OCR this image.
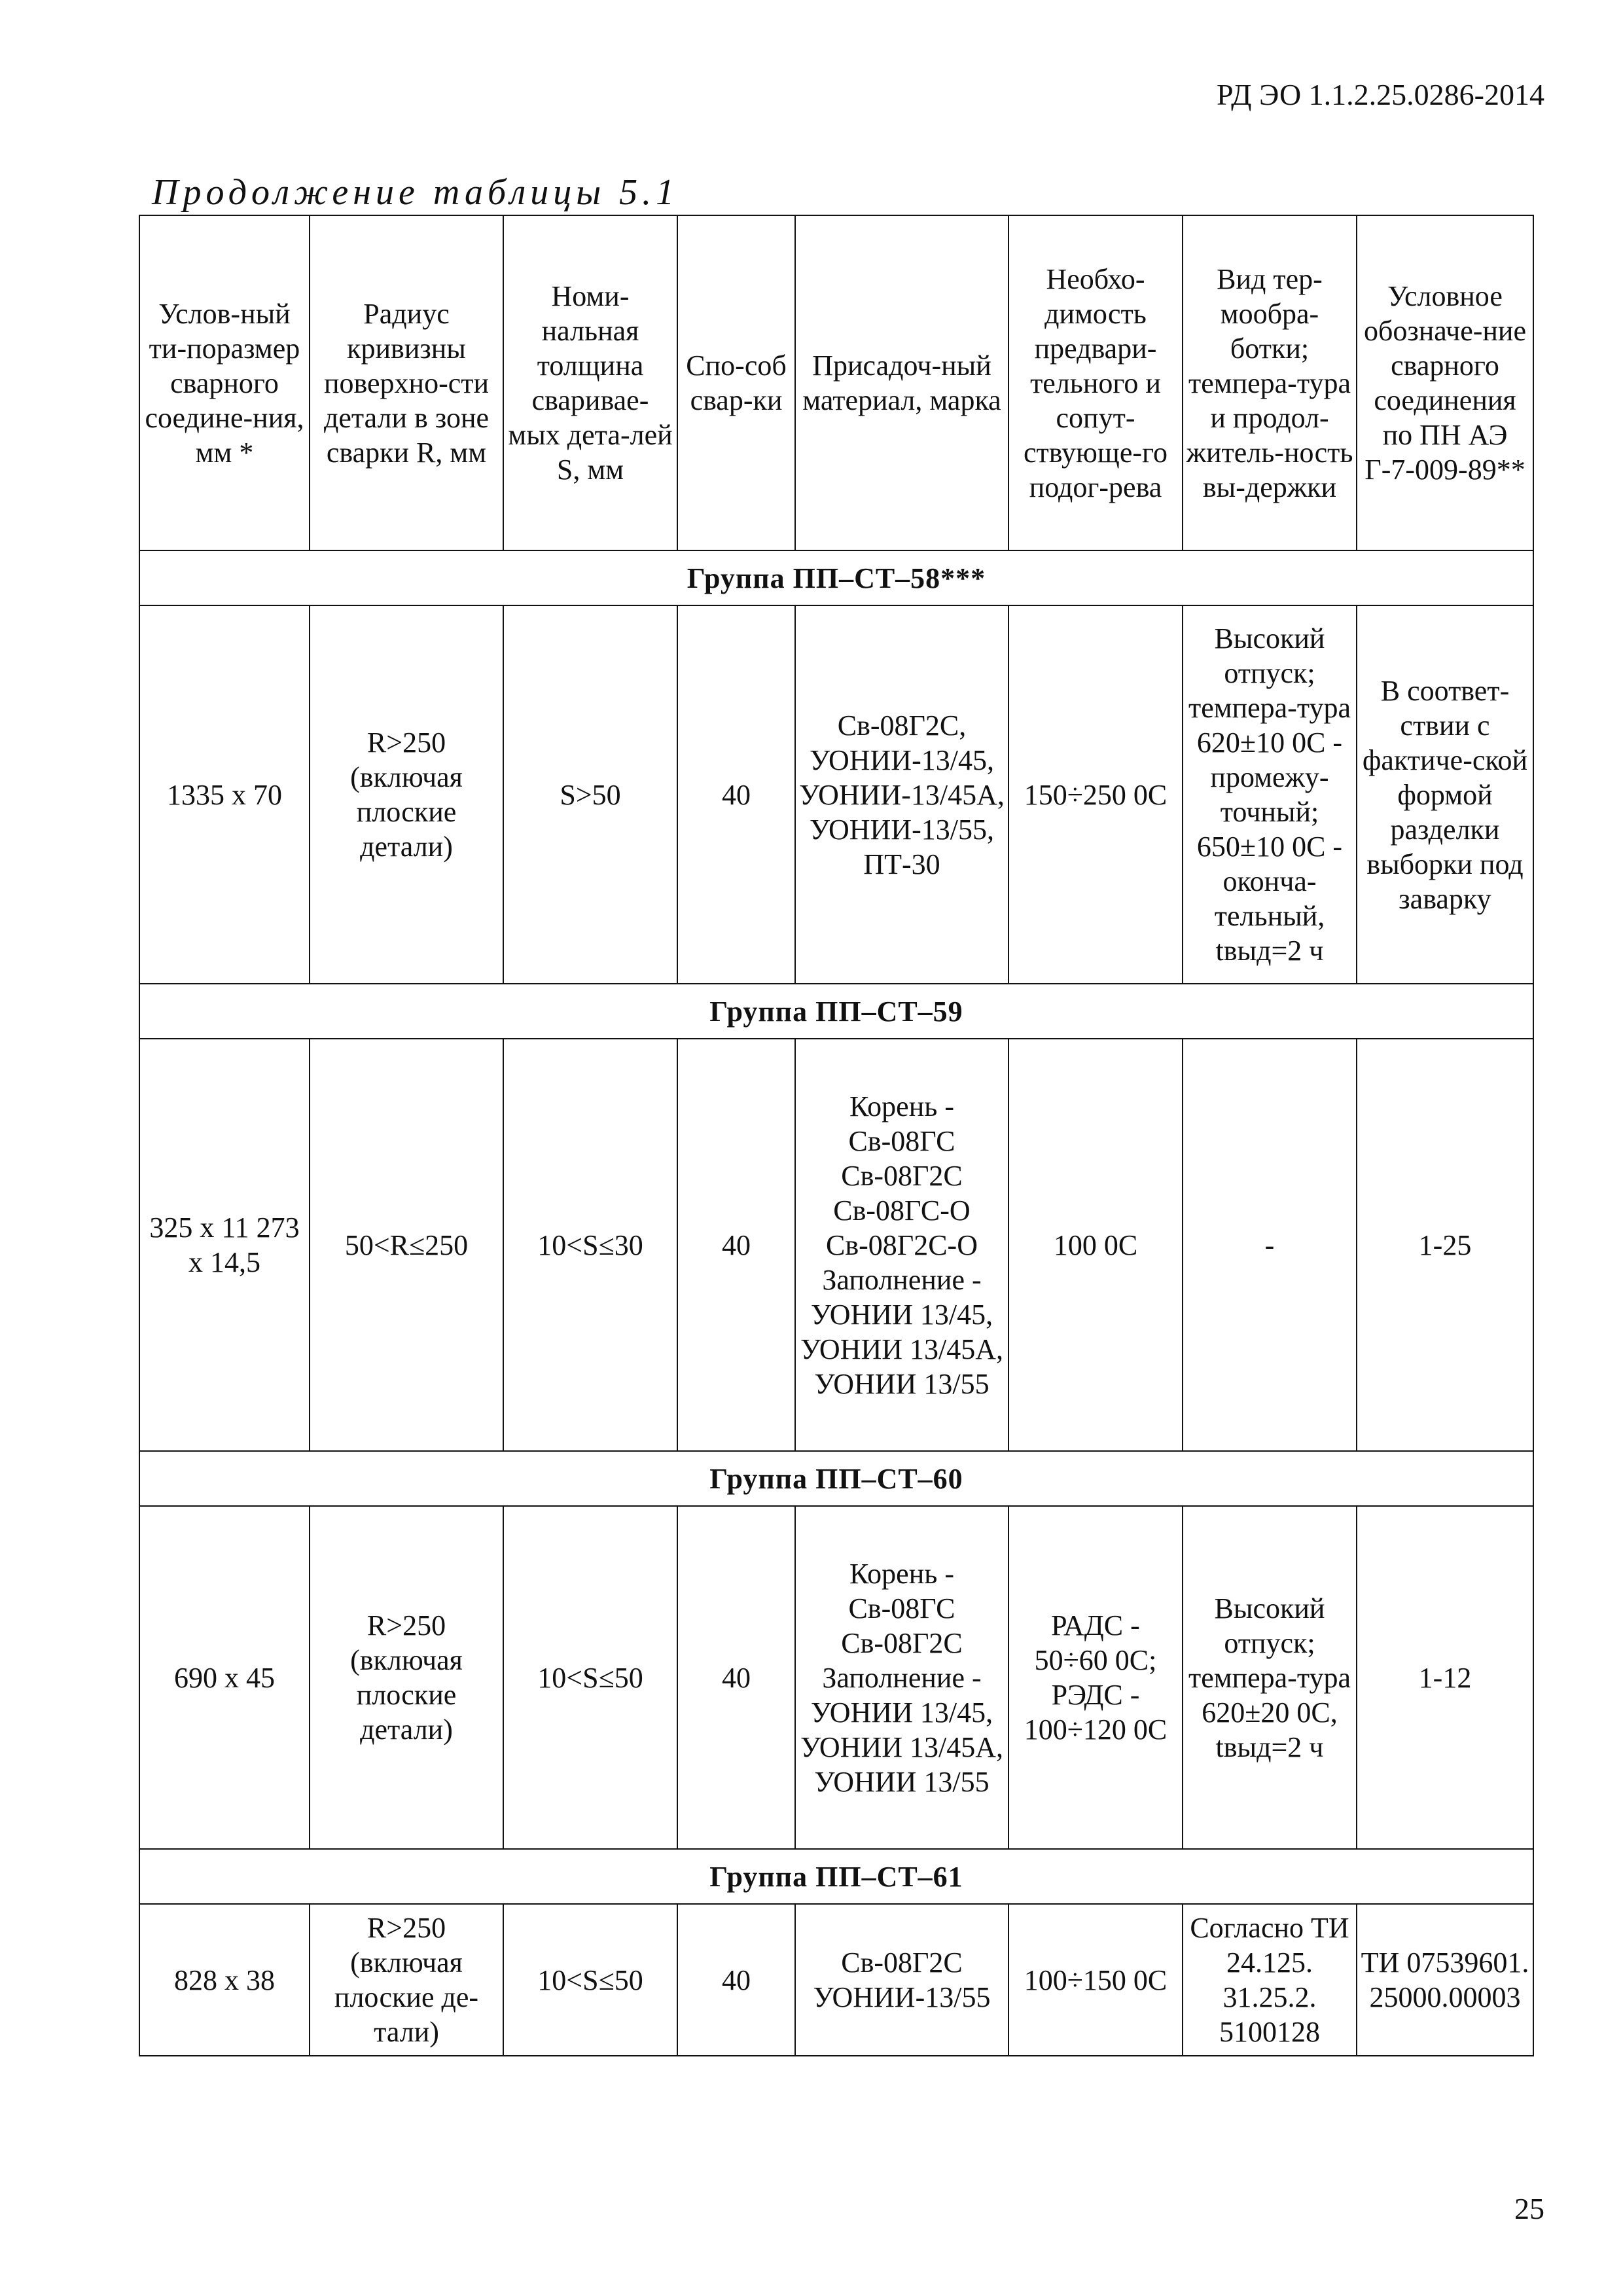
РД ЭО 1.1.2.25.0286-2014
Продолжение таблицы 5.1
Услов-ный ти-поразмер сварного соедине-ния, мм *	Радиус кривизны поверхно-сти детали в зоне сварки R, мм	Номи-нальная толщина сваривае-мых дета-лей S, мм	Спо-соб свар-ки	Присадоч-ный материал, марка	Необхо-димость предвари-тельного и сопут-ствующе-го подог-рева	Вид тер-мообра-ботки; темпера-тура и продол-житель-ность вы-держки	Условное обозначе-ние сварного соединения по ПН АЭ Г-7-009-89**
Группа ПП–СТ–58***							
1335 х 70	R>250 (включая плоские детали)	S>50	40	Св-08Г2С, УОНИИ-13/45, УОНИИ-13/45А, УОНИИ-13/55, ПТ-30	150÷250 0С	Высокий отпуск; темпера-тура 620±10 0С - промежу-точный; 650±10 0С - оконча-тельный, tвыд=2 ч	В соответ-ствии с фактиче-ской формой разделки выборки под заварку
Группа ПП–СТ–59							
325 х 11 273 х 14,5	50<R≤250	10<S≤30	40	Корень - Св-08ГС Св-08Г2С Св-08ГС-О Св-08Г2С-О Заполнение - УОНИИ 13/45, УОНИИ 13/45А, УОНИИ 13/55	100 0С	-	1-25
Группа ПП–СТ–60							
690 х 45	R>250 (включая плоские детали)	10<S≤50	40	Корень - Св-08ГС Св-08Г2С Заполнение - УОНИИ 13/45, УОНИИ 13/45А, УОНИИ 13/55	РАДС - 50÷60 0С; РЭДС - 100÷120 0С	Высокий отпуск; темпера-тура 620±20 0С, tвыд=2 ч	1-12
Группа ПП–СТ–61							
828 х 38	R>250 (включая плоские де-тали)	10<S≤50	40	Св-08Г2С УОНИИ-13/55	100÷150 0С	Согласно ТИ 24.125. 31.25.2. 5100128	ТИ 07539601. 25000.00003
25
